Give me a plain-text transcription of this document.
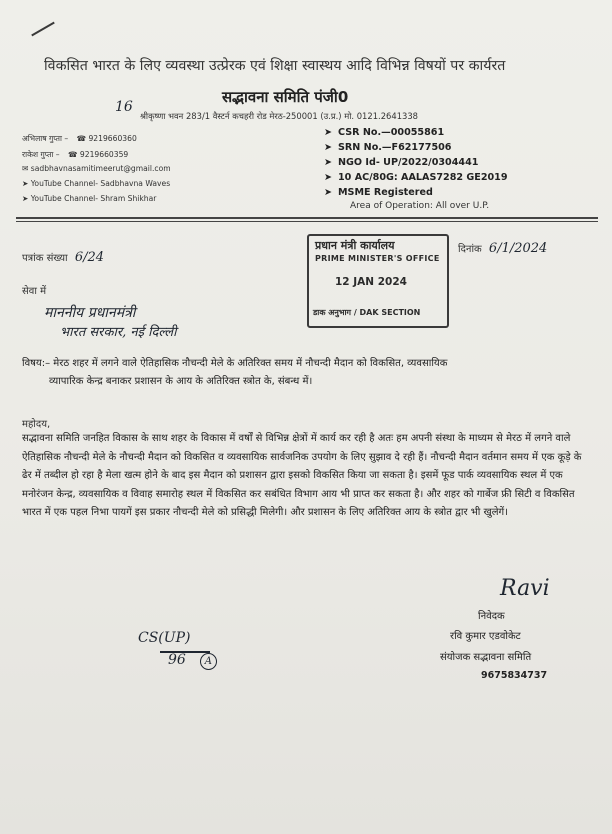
विकसित भारत के लिए व्यवस्था उत्प्रेरक एवं शिक्षा स्वास्थय आदि विभिन्न विषयों पर कार्यरत
16
सद्भावना समिति पंजी0
श्रीकृष्णा भवन 283/1 वैस्टर्न कचहरी रोड मेरठ-250001 (उ.प्र.) मो. 0121.2641338
अभिलाष गुप्ता – ☎ 9219660360
राकेश गुप्ता – ☎ 9219660359
✉ sadbhavnasamitimeerut@gmail.com
➤ YouTube Channel- Sadbhavna Waves
➤ YouTube Channel- Shram Shikhar
➤ CSR No.—00055861
➤ SRN No.—F62177506
➤ NGO Id- UP/2022/0304441
➤ 10 AC/80G: AALAS7282 GE2019
➤ MSME Registered
Area of Operation: All over U.P.
प्रधान मंत्री कार्यालय
PRIME MINISTER'S OFFICE
12 JAN 2024
डाक अनुभाग / DAK SECTION
पत्रांक संख्या 6/24
दिनांक 6/1/2024
सेवा में
माननीय प्रधानमंत्री
भारत सरकार, नई दिल्ली
विषय:– मेरठ शहर में लगने वाले ऐतिहासिक नौचन्दी मेले के अतिरिक्त समय में नौचन्दी मैदान को विकसित, व्यवसायिक
व्यापारिक केन्द्र बनाकर प्रशासन के आय के अतिरिक्त स्त्रोत के, संबन्ध में।
महोदय,

सद्भावना समिति जनहित विकास के साथ शहर के विकास में वर्षों से विभिन्न क्षेत्रों में कार्य कर रही है अतः हम अपनी संस्था के माध्यम से मेरठ में लगने वाले ऐतिहासिक नौचन्दी मेले के नौचन्दी मैदान को विकसित व व्यवसायिक सार्वजनिक उपयोग के लिए सुझाव दे रही हैं। नौचन्दी मैदान वर्तमान समय में एक कूड़े के ढेर में तब्दील हो रहा है मेला खत्म होने के बाद इस मैदान को प्रशासन द्वारा इसको विकसित किया जा सकता है। इसमें फूड पार्क व्यवसायिक स्थल में एक मनोरंजन केन्द्र, व्यवसायिक व विवाह समारोह स्थल में विकसित कर सबंधित विभाग आय भी प्राप्त कर सकता है। और शहर को गार्बेज फ्री सिटी व विकसित भारत में एक पहल निभा पायगें इस प्रकार नौचन्दी मेले को प्रसिद्धी मिलेगी। और प्रशासन के लिए अतिरिक्त आय के स्त्रोत द्वार भी खुलेगें।

CS(UP)
96 A
Ravi
निवेदक
रवि कुमार एडवोकेट
संयोजक सद्भावना समिति
9675834737
